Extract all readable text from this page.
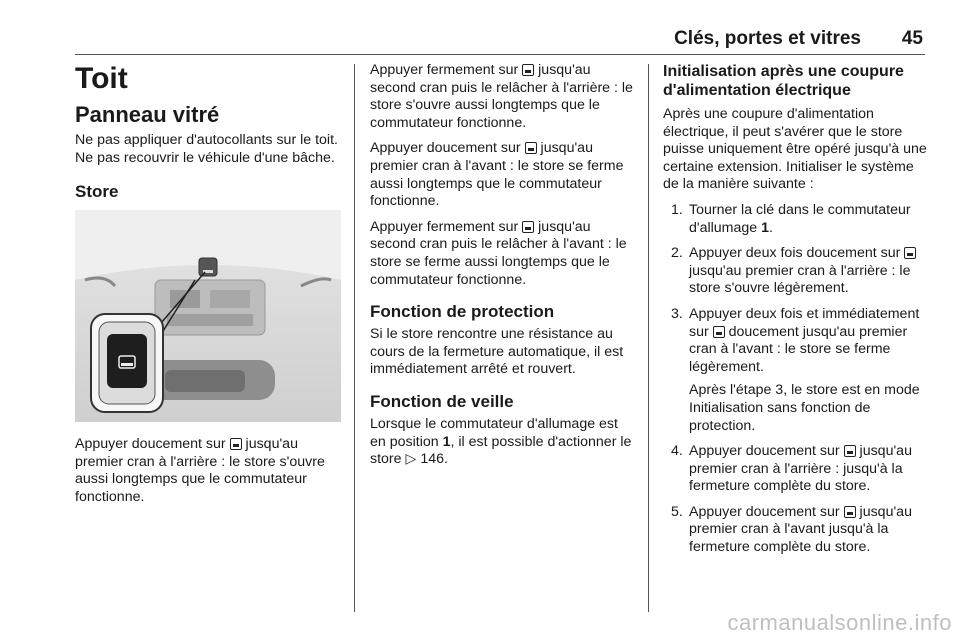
Clés, portes et vitres 45
Toit
Panneau vitré

Ne pas appliquer d'autocollants sur le toit. Ne pas recouvrir le véhicule d'une bâche.

Store

Appuyer doucement sur jusqu'au premier cran à l'arrière : le store s'ouvre aussi longtemps que le commutateur fonctionne.

Appuyer fermement sur jusqu'au second cran puis le relâcher à l'arrière : le store s'ouvre aussi longtemps que le commutateur fonctionne.

Appuyer doucement sur jusqu'au premier cran à l'avant : le store se ferme aussi longtemps que le commutateur fonctionne.

Appuyer fermement sur jusqu'au second cran puis le relâcher à l'avant : le store se ferme aussi longtemps que le commutateur fonctionne.

Fonction de protection

Si le store rencontre une résistance au cours de la fermeture automatique, il est immédiatement arrêté et rouvert.

Fonction de veille

Lorsque le commutateur d'allumage est en position 1, il est possible d'actionner le store ▷ 146.

Initialisation après une coupure d'alimentation électrique

Après une coupure d'alimentation électrique, il peut s'avérer que le store puisse uniquement être opéré jusqu'à une certaine extension. Initialiser le système de la manière suivante :

1. Tourner la clé dans le commutateur d'allumage 1.
2. Appuyer deux fois doucement sur  jusqu'au premier cran à l'arrière : le store s'ouvre légèrement.
3. Appuyer deux fois et immédiatement sur doucement jusqu'au premier cran à l'avant : le store se ferme légèrement.

Après l'étape 3, le store est en mode Initialisation sans fonction de protection.

4. Appuyer doucement sur jusqu'au premier cran à l'arrière : jusqu'à la fermeture complète du store.
5. Appuyer doucement sur jusqu'au premier cran à l'avant jusqu'à la fermeture complète du store.
carmanualsonline.info
